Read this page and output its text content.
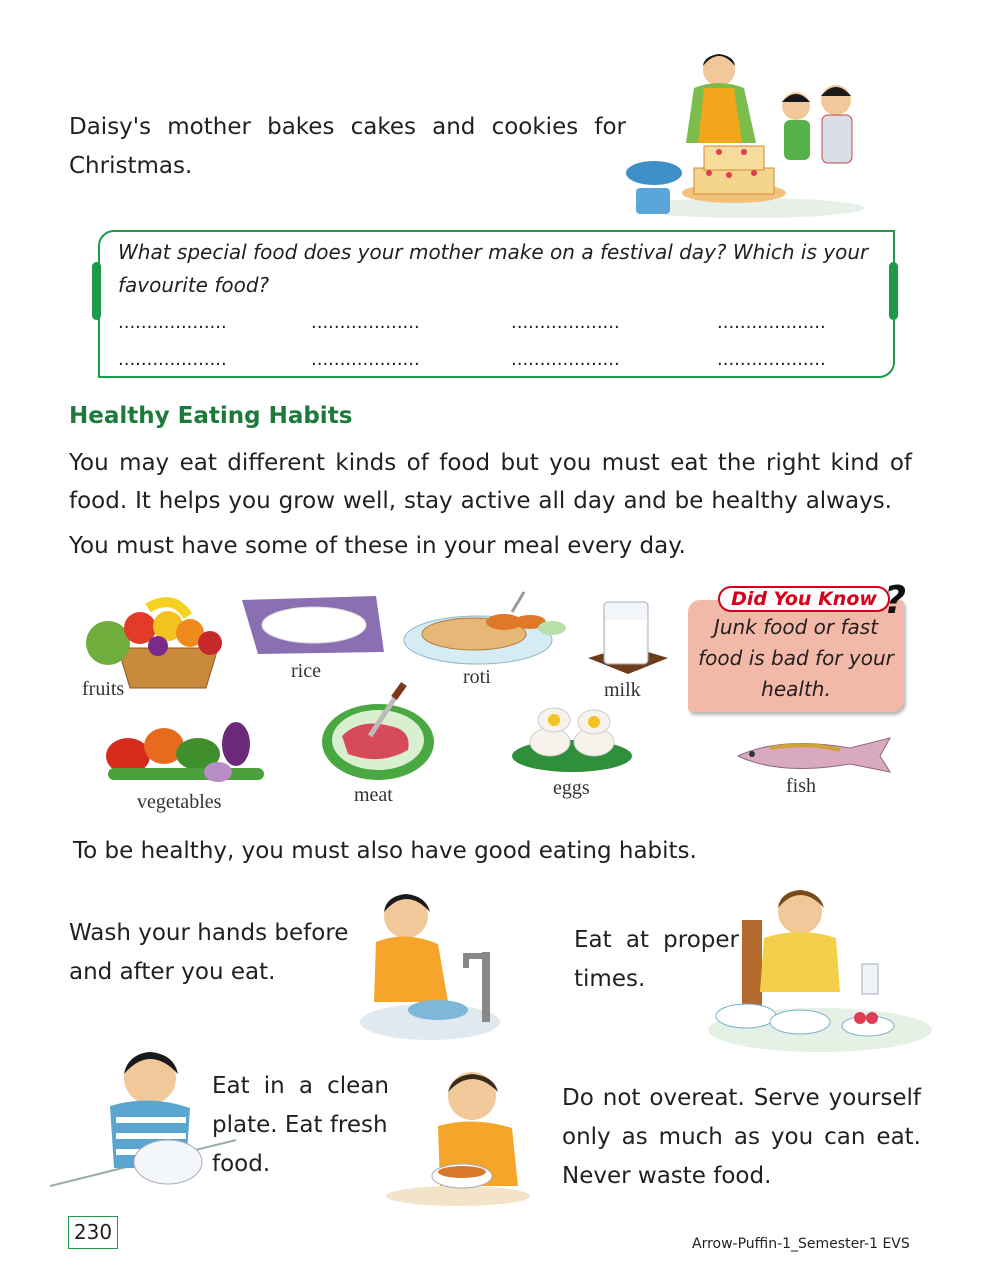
Daisy's mother bakes cakes and cookies for
Christmas.
What special food does your mother make on a festival day? Which is your
favourite food?
...................	...................	...................	...................
...................	...................	...................	...................
Healthy Eating Habits
You may eat different kinds of food but you must eat the right kind of
food. It helps you grow well, stay active all day and be healthy always.
You must have some of these in your meal every day.
fruits
rice	roti
milk
vegetables	meat	eggs	fish
Did You Know ?
Junk food or fast
food is bad for your
health.
To be healthy, you must also have good eating habits.
Wash your hands before
and after you eat.
Eat at proper
times.
Eat in a clean
plate. Eat fresh
food.
Do not overeat. Serve yourself
only as much as you can eat.
Never waste food.
230	Arrow-Puffin-1_Semester-1 EVS
